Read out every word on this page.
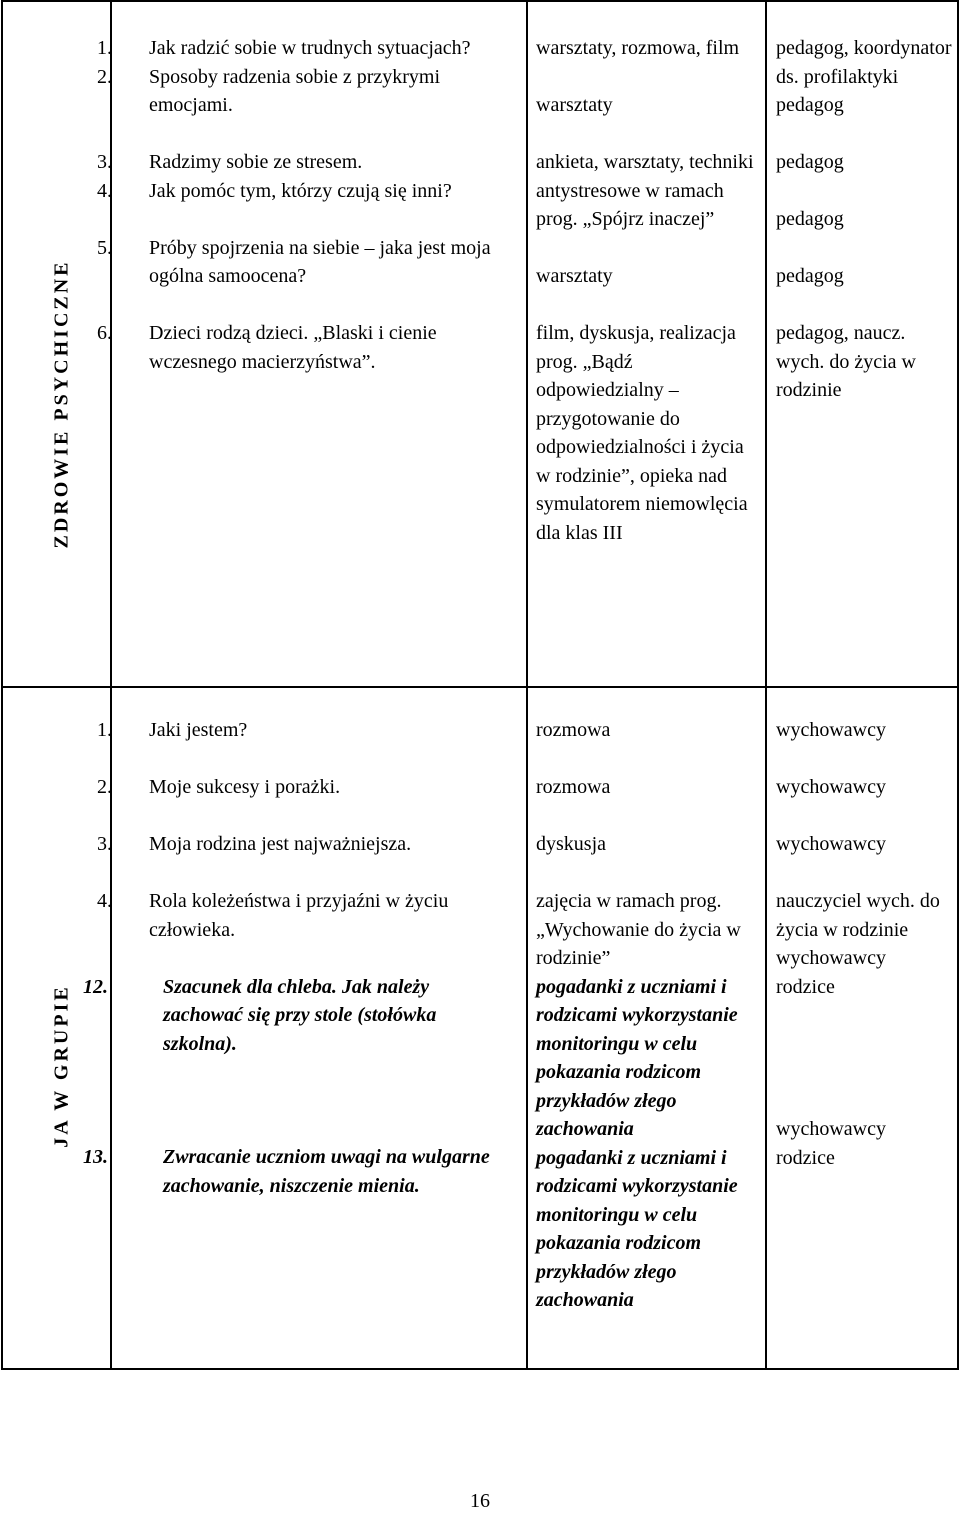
ZDROWIE PSYCHICZNE

1. Jak radzić sobie w trudnych sytuacjach?

2. Sposoby radzenia sobie z przykrymi emocjami.

3. Radzimy sobie ze stresem.

4. Jak pomóc tym, którzy czują się inni?

5. Próby spojrzenia na siebie – jaka jest moja ogólna samoocena?

6. Dzieci rodzą dzieci. „Blaski i cienie wczesnego macierzyństwa”.

warsztaty, rozmowa, film

warsztaty

ankieta, warsztaty, techniki antystresowe w ramach prog. „Spójrz inaczej”

warsztaty

film, dyskusja, realizacja prog. „Bądź odpowiedzialny – przygotowanie do odpowiedzialności i życia w rodzinie”, opieka nad symulatorem niemowlęcia dla klas III

pedagog, koordynator ds. profilaktyki

pedagog

pedagog

pedagog

pedagog

pedagog, naucz. wych. do życia w rodzinie

JA W GRUPIE

1. Jaki jestem?

2. Moje sukcesy i porażki.

3. Moja rodzina jest najważniejsza.

4. Rola koleżeństwa i przyjaźni w życiu człowieka.

12.	Szacunek dla chleba. Jak należy zachować się przy stole (stołówka szkolna).

13.	Zwracanie uczniom uwagi na wulgarne zachowanie, niszczenie mienia.

rozmowa

rozmowa

dyskusja

zajęcia w ramach prog. „Wychowanie do życia w rodzinie”

pogadanki z uczniami i rodzicami wykorzystanie monitoringu w celu pokazania rodzicom przykładów złego zachowania

pogadanki z uczniami i rodzicami wykorzystanie monitoringu w celu pokazania rodzicom przykładów złego zachowania

wychowawcy

wychowawcy

wychowawcy

nauczyciel wych. do życia w rodzinie

wychowawcy

rodzice

wychowawcy

rodzice

16
